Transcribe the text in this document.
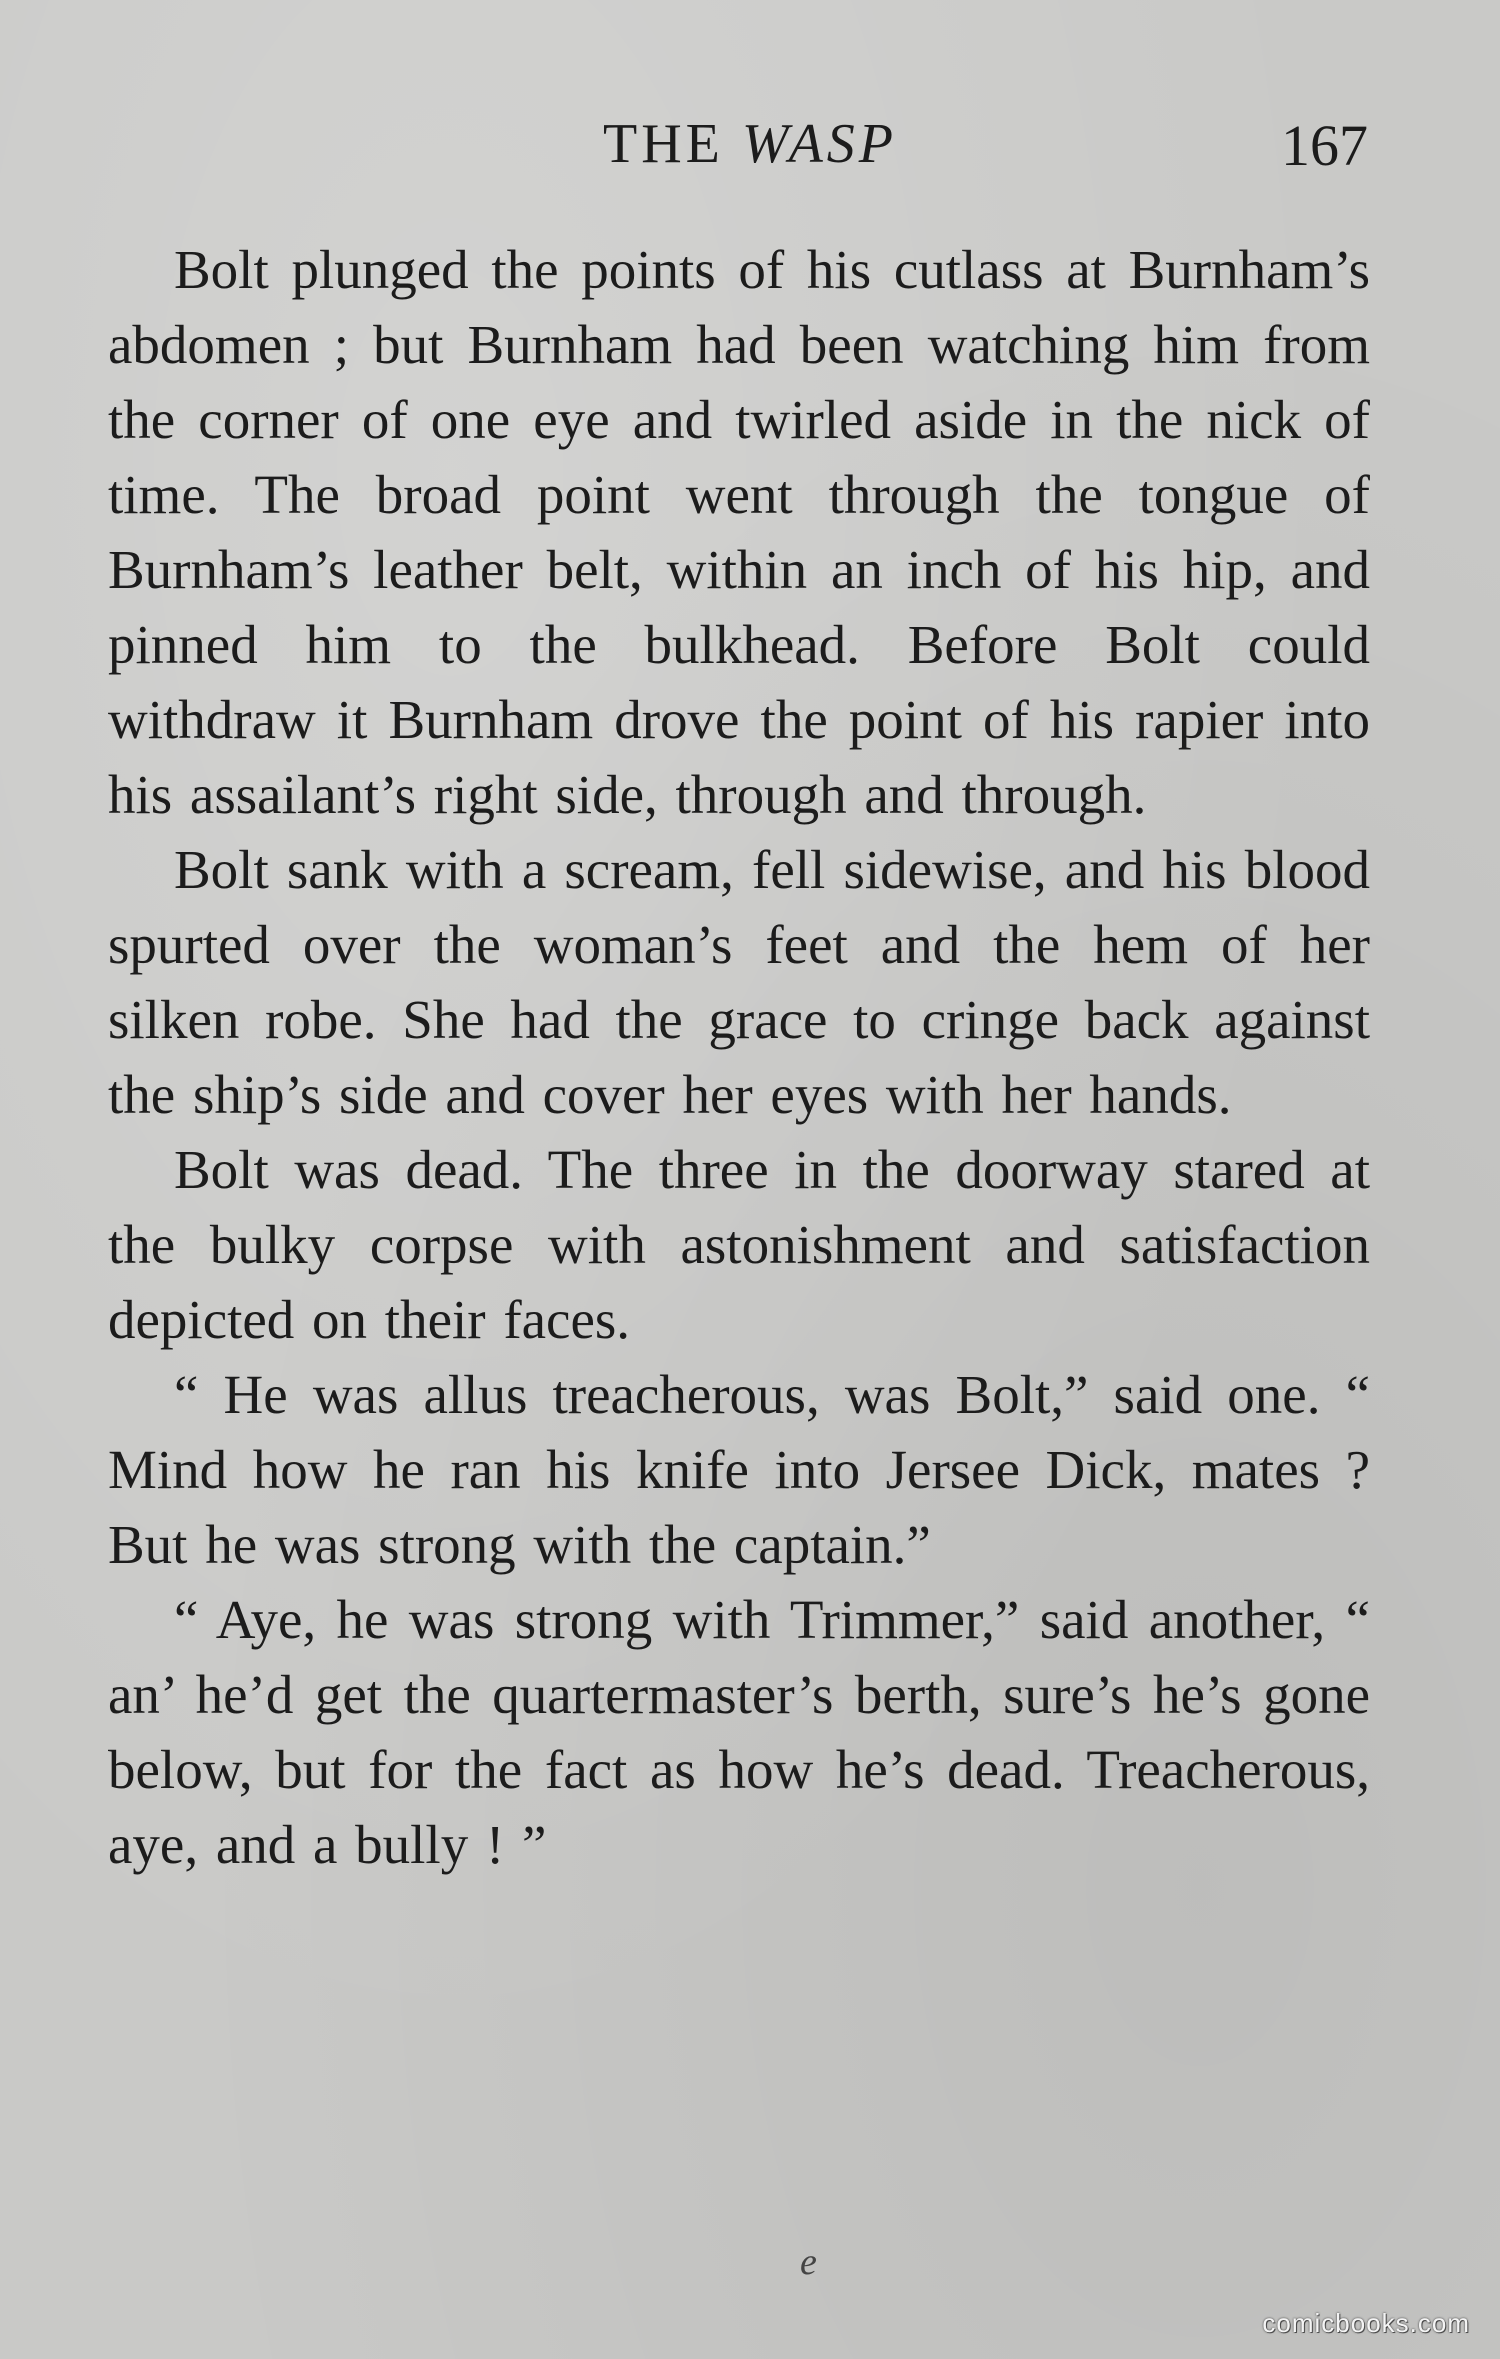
THE WASP	167

Bolt plunged the points of his cutlass at Burnham’s abdomen ; but Burnham had been watching him from the corner of one eye and twirled aside in the nick of time. The broad point went through the tongue of Burnham’s leather belt, within an inch of his hip, and pinned him to the bulkhead. Before Bolt could withdraw it Burnham drove the point of his rapier into his assailant’s right side, through and through.

Bolt sank with a scream, fell sidewise, and his blood spurted over the woman’s feet and the hem of her silken robe. She had the grace to cringe back against the ship’s side and cover her eyes with her hands.

Bolt was dead. The three in the doorway stared at the bulky corpse with astonishment and satisfaction depicted on their faces.

“ He was allus treacherous, was Bolt,” said one. “ Mind how he ran his knife into Jersee Dick, mates ? But he was strong with the captain.”

“ Aye, he was strong with Trimmer,” said another, “ an’ he’d get the quartermaster’s berth, sure’s he’s gone below, but for the fact as how he’s dead. Treacherous, aye, and a bully ! ”

e
comicbooks.com
